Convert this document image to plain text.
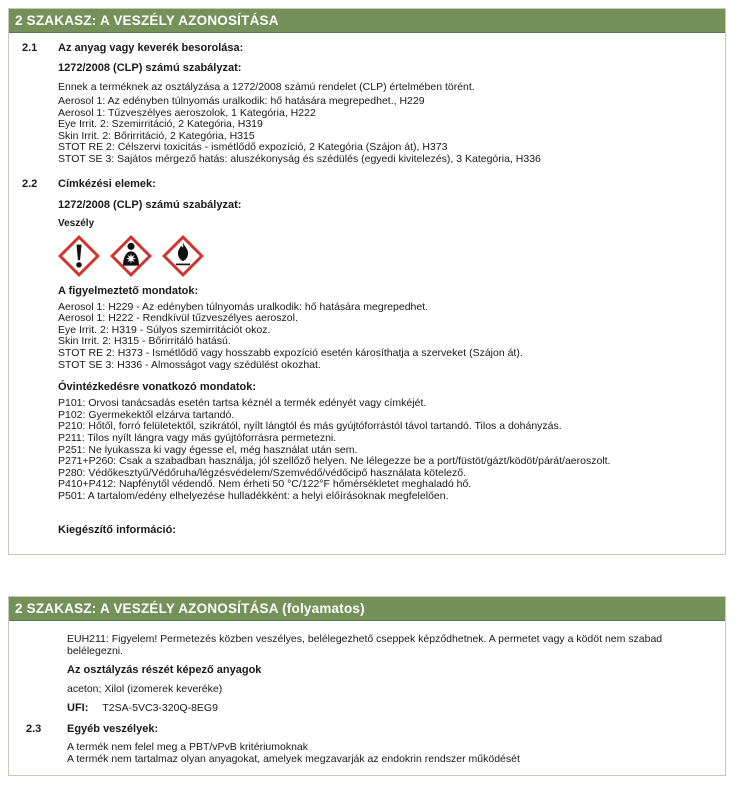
2 SZAKASZ: A VESZÉLY AZONOSÍTÁSA
2.1	Az anyag vagy keverék besorolása:
1272/2008 (CLP) számú szabályzat:
Ennek a terméknek az osztályzása a 1272/2008 számú rendelet (CLP) értelmében törént.

Aerosol 1: Az edényben túlnyomás uralkodik: hő hatására megrepedhet., H229

Aerosol 1: Tűzveszélyes aeroszolok, 1 Kategória, H222

Eye Irrit. 2: Szemirritáció, 2 Kategória, H319

Skin Irrit. 2: Bőrirritáció, 2 Kategória, H315

STOT RE 2: Célszervi toxicitás - ismétlődő expozíció, 2 Kategória (Szájon át), H373

STOT SE 3: Sajátos mérgező hatás: aluszékonyság és szédülés (egyedi kivitelezés), 3 Kategória, H336

2.2	Címkézési elemek:
1272/2008 (CLP) számú szabályzat:
Veszély
A figyelmeztető mondatok:

Aerosol 1: H229 - Az edényben túlnyomás uralkodik: hő hatására megrepedhet.

Aerosol 1: H222 - Rendkívül tűzveszélyes aeroszol.

Eye Irrit. 2: H319 - Súlyos szemirritációt okoz.

Skin Irrit. 2: H315 - Bőrirritáló hatású.

STOT RE 2: H373 - Ismétlődő vagy hosszabb expozíció esetén károsíthatja a szerveket (Szájon át).

STOT SE 3: H336 - Almosságot vagy szédülést okozhat.

Óvintézkedésre vonatkozó mondatok:

P101: Orvosi tanácsadás esetén tartsa kéznél a termék edényét vagy címkéjét.

P102: Gyermekektől elzárva tartandó.

P210: Hőtől, forró felületektől, szikrától, nyílt lángtól és más gyújtóforrástól távol tartandó. Tilos a dohányzás.

P211: Tilos nyílt lángra vagy más gyújtóforrásra permetezni.

P251: Ne lyukassza ki vagy égesse el, még használat után sem.

P271+P260: Csak a szabadban használja, jól szellőző helyen. Ne lélegezze be a port/füstöt/gázt/ködöt/párát/aeroszolt.

P280: Védőkesztyű/Védőruha/légzésvédelem/Szemvédő/védőcipő használata kötelező.

P410+P412: Napfénytől védendő. Nem érheti 50 °C/122°F hőmérsékletet meghaladó hő.

P501: A tartalom/edény elhelyezése hulladékként: a helyi előírásoknak megfelelően.

Kiegészítő információ:
2 SZAKASZ: A VESZÉLY AZONOSÍTÁSA (folyamatos)
EUH211: Figyelem! Permetezés közben veszélyes, belélegezhető cseppek képződhetnek. A permetet vagy a ködöt nem szabad belélegezni.
Az osztályzás részét képező anyagok
aceton; Xilol (izomerek keveréke)
UFI: T2SA-5VC3-320Q-8EG9
2.3	Egyéb veszélyek:

A termék nem felel meg a PBT/vPvB kritériumoknak

A termék nem tartalmaz olyan anyagokat, amelyek megzavarják az endokrin rendszer működését
